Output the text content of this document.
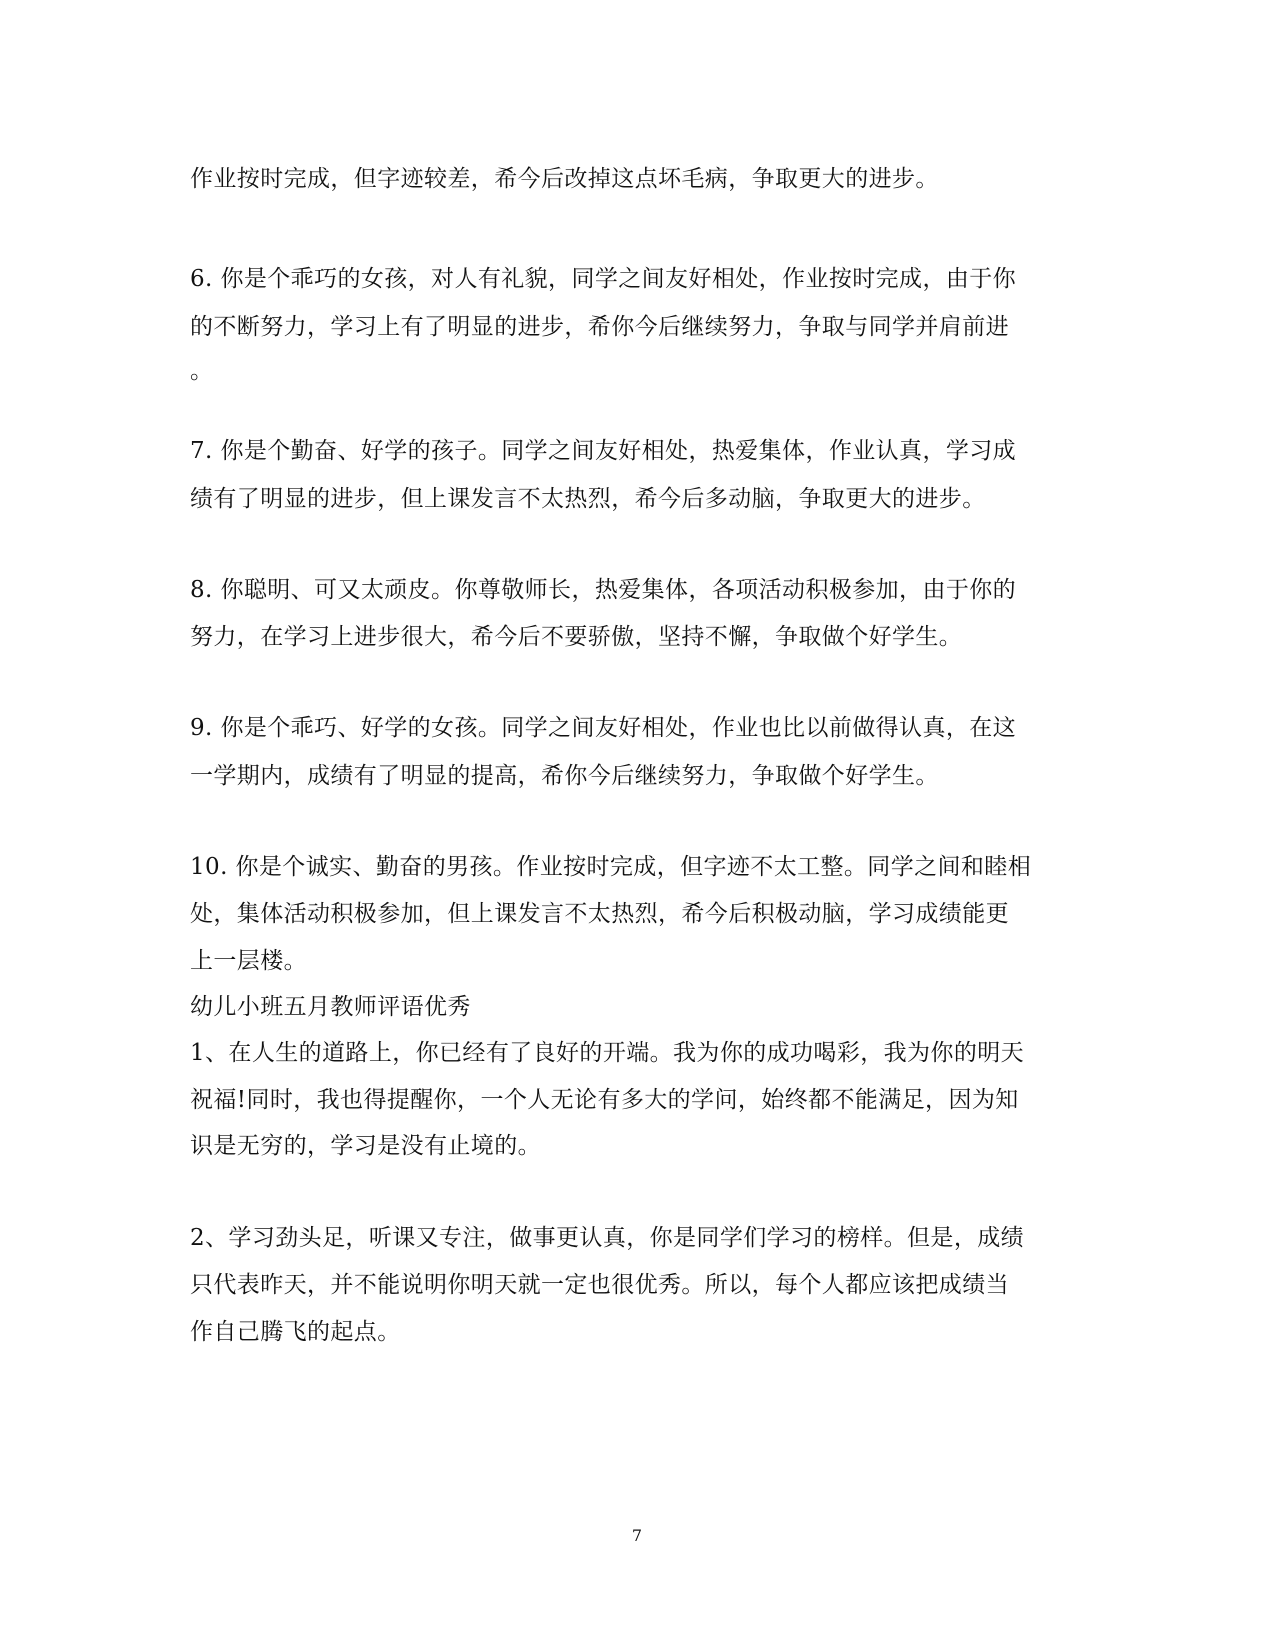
作业按时完成，但字迹较差，希今后改掉这点坏毛病，争取更大的进步。
6. 你是个乖巧的女孩，对人有礼貌，同学之间友好相处，作业按时完成，由于你
的不断努力，学习上有了明显的进步，希你今后继续努力，争取与同学并肩前进
。
7. 你是个勤奋、好学的孩子。同学之间友好相处，热爱集体，作业认真，学习成
绩有了明显的进步，但上课发言不太热烈，希今后多动脑，争取更大的进步。
8. 你聪明、可又太顽皮。你尊敬师长，热爱集体，各项活动积极参加，由于你的
努力，在学习上进步很大，希今后不要骄傲，坚持不懈，争取做个好学生。
9. 你是个乖巧、好学的女孩。同学之间友好相处，作业也比以前做得认真，在这
一学期内，成绩有了明显的提高，希你今后继续努力，争取做个好学生。
10. 你是个诚实、勤奋的男孩。作业按时完成，但字迹不太工整。同学之间和睦相
处，集体活动积极参加，但上课发言不太热烈，希今后积极动脑，学习成绩能更
上一层楼。
幼儿小班五月教师评语优秀
1、在人生的道路上，你已经有了良好的开端。我为你的成功喝彩，我为你的明天
祝福!同时，我也得提醒你，一个人无论有多大的学问，始终都不能满足，因为知
识是无穷的，学习是没有止境的。
2、学习劲头足，听课又专注，做事更认真，你是同学们学习的榜样。但是，成绩
只代表昨天，并不能说明你明天就一定也很优秀。所以，每个人都应该把成绩当
作自己腾飞的起点。
7
